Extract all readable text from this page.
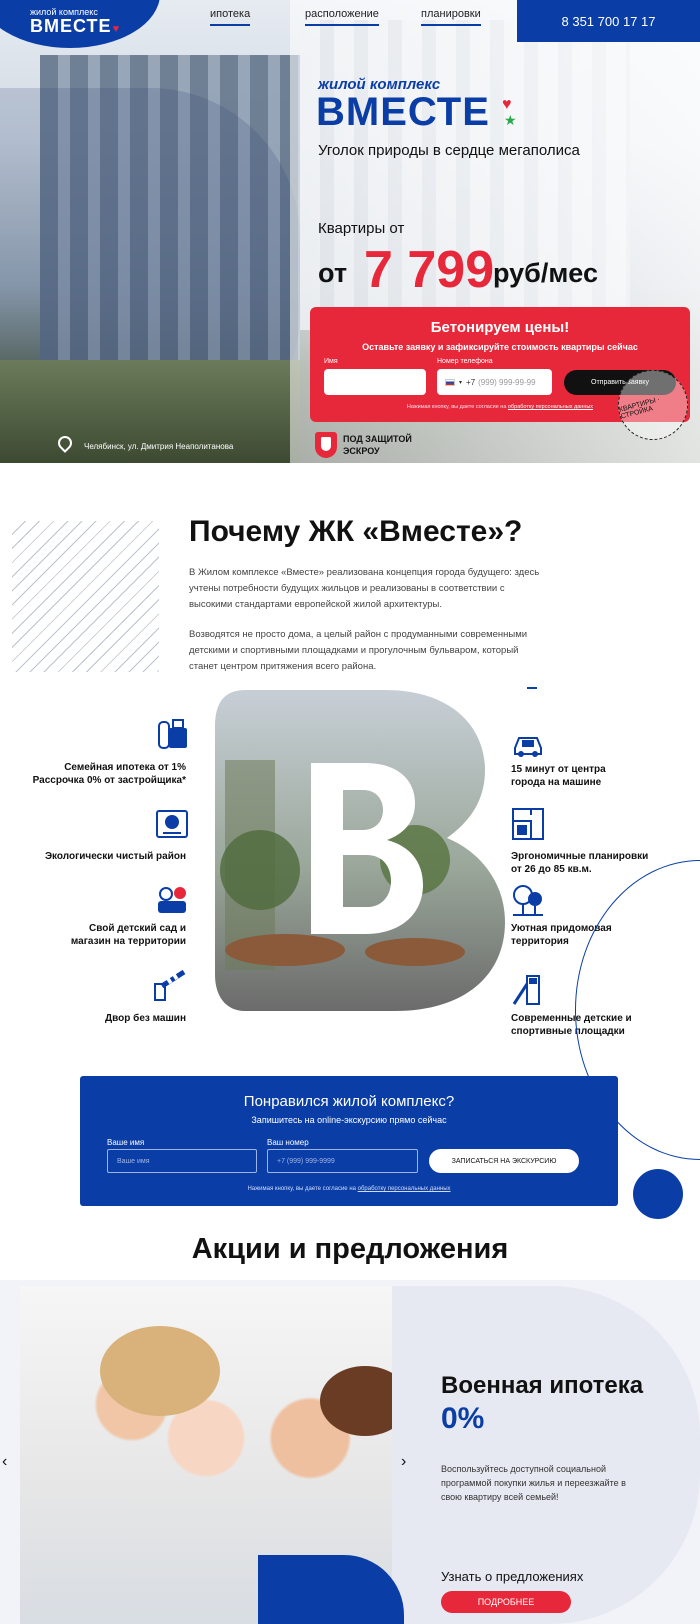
жилой комплекс
ВМЕСТЕ♥
ипотека	расположение	планировки	8 351 700 17 17
жилой комплекс
ВМЕСТЕ ♥
★
Уголок природы в сердце мегаполиса
Квартиры от
от 7 799
руб/мес
Бетонируем цены!
Оставьте заявку и зафиксируйте стоимость квартиры сейчас
Имя	Номер телефона
▾ +7 (999) 999-99-99	Отправить заявку
Нажимая кнопку, вы даете согласие на обработку персональных данных	КВАРТИРЫ · СТРОЙКА
Челябинск, ул. Дмитрия Неаполитанова
ПОД ЗАЩИТОЙ ЭСКРОУ
Почему ЖК «Вместе»?
В Жилом комплексе «Вместе» реализована концепция города будущего: здесь учтены потребности будущих жильцов и реализованы в соответствии с высокими стандартами европейской жилой архитектуры.
Возводятся не просто дома, а целый район с продуманными современными детскими и спортивными площадками и прогулочным бульваром, который станет центром притяжения всего района.
Семейная ипотека от 1%
Рассрочка 0% от застройщика*
Экологически чистый район
Свой детский сад и
магазин на территории
Двор без машин
15 минут от центра
города на машине
Эргономичные планировки
от 26 до 85 кв.м.
Уютная придомовая
территория
Современные детские и
спортивные площадки
Понравился жилой комплекс?
Запишитесь на online-экскурсию прямо сейчас
Ваше имя
Ваше имя
Ваш номер
+7 (999) 999-9999	ЗАПИСАТЬСЯ НА ЭКСКУРСИЮ
Нажимая кнопку, вы даете согласие на обработку персональных данных
Акции и предложения
‹	›
Военная ипотека
0%
Воспользуйтесь доступной социальной программой покупки жилья и переезжайте в свою квартиру всей семьей!
Узнать о предложениях
ПОДРОБНЕЕ
